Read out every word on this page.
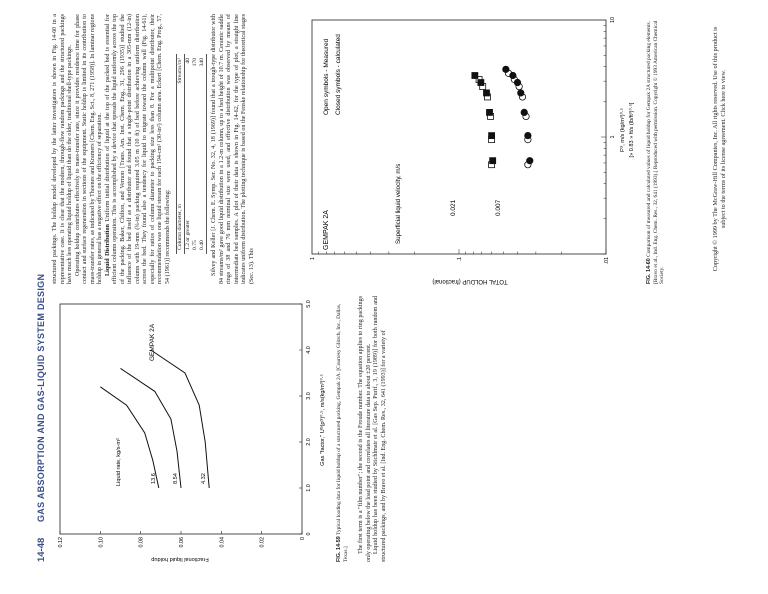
14-48
GAS ABSORPTION AND GAS-LIQUID SYSTEM DESIGN
0
1.0
2.0
3.0
4.0
5.0
0
0.02
0.04
0.06
0.08
0.10
0.12
13.6	8.54	4.32
Fractional liquid holdup
Gas "factor," Uᴳ(ρᴳ)⁰·⁵, m/s(kg/m³)⁰·⁵
GEMPAK 2A
Liquid rate, kg/s-m²
FIG. 14-59 Typical loading data for liquid holdup of a structured packing, Gempak 2A. [Courtesy Glitsch, Inc., Dallas, Texas.]

The first term is a "film number"; the second is the Froude number. The equation applies to ring packings only operating below the load point and correlates all literature data to about ±20 percent. Liquid holdup has been studied by Stichlmair et al. [Gas Sep. Purif., 3, 19 (1989)] for both random and structured packings, and by Bravo et al. [Ind. Eng. Chem. Res., 32, 641 (1993)] for a variety of

structured packings. The holdup model developed by the latter investigators is shown in Fig. 14-60 in a representative case. It is clear that the modern, through-flow random packings and the structured packings have much less operating liquid holdup of liquid than do the older, traditional shell-type packings. Operating holdup contributes effectively to mass-transfer rate, since it provides residence time for phase contact and surface regeneration in sections of the equipment. Static holdup is limited in its contribution to mass-transfer rates, as indicated by Thoenes and Kramers [Chem. Eng. Sci., 8, 271 (1958)]. In laminar regions holdup in general has a negative effect on the efficiency of separation. Liquid Distribution Uniform initial distribution of liquid at the top of the packed bed is essential for efficient column operation. This is accomplished by a device that spreads the liquid uniformly across the top of the packing. Baker, Chilton, and Vernon [Trans. Am. Inst. Chem. Eng., 31, 296 (1935)] studied the influence of the bed itself as a distributor and found that a single-point distribution in a 305-mm (12-in) column with 19-mm (¾-in) packing required 3.05 m (10 ft) of bed before achieving uniform distribution across the bed. They found also a tendency for liquid to migrate toward the column wall (Fig. 14-61), especially for ratios of column diameter to packing size less than 8. For a multipoint distributor, their recommendation was one liquid stream for each 194-cm² (30-in²) column area. Eckert [Chem. Eng. Prog., 57, 54 (1961)] recommends the following: Column diameter, m	Streams/m²
1.2 or greater	40
0.75	170
0.40	340 Silvey and Keller [J. Chem. E. Symp. Ser. No. 32, 4, 18 (1969)] found that a trough-type distributor with 84 streams/m² gave good liquid distribution in a 1.2-m column, up to a bed height of 10.7 m. Ceramic saddle rings of 38 and 76 mm nominal size were used, and effective distribution was observed by means of intermediate bed samples. A plot of their data is shown in Fig. 14-62, for the type of plot, a straight line indicates uniform distribution. The plotting technique is based on the Fenske relationship for theoretical stages (Sec. 13). This

1
10
.01
.1
1
TOTAL HOLDUP (fractional)
Fᴳ, m/s (kg/m³)⁰·⁵ [» 0.83 » ft/s (lb/ft³)⁰·⁵]
GEMPAK 2A
Open symbols - Measured Closed symbols - calculated
Superficial liquid velocity, m/s	0.021	0.007
FIG. 14-60 Comparison of measured and calculated values of liquid holdup for Gempak 2A structured packing elements. [Bravo et al., Ind. Eng. Chem. Res., 32, 641 (1993).] Reproduced with permission. Copyright © 1993 American Chemical Society.
Copyright © 1999 by The McGraw-Hill Companies, Inc. All rights reserved. Use of this product is subject to the terms of its license agreement. Click here to view.
